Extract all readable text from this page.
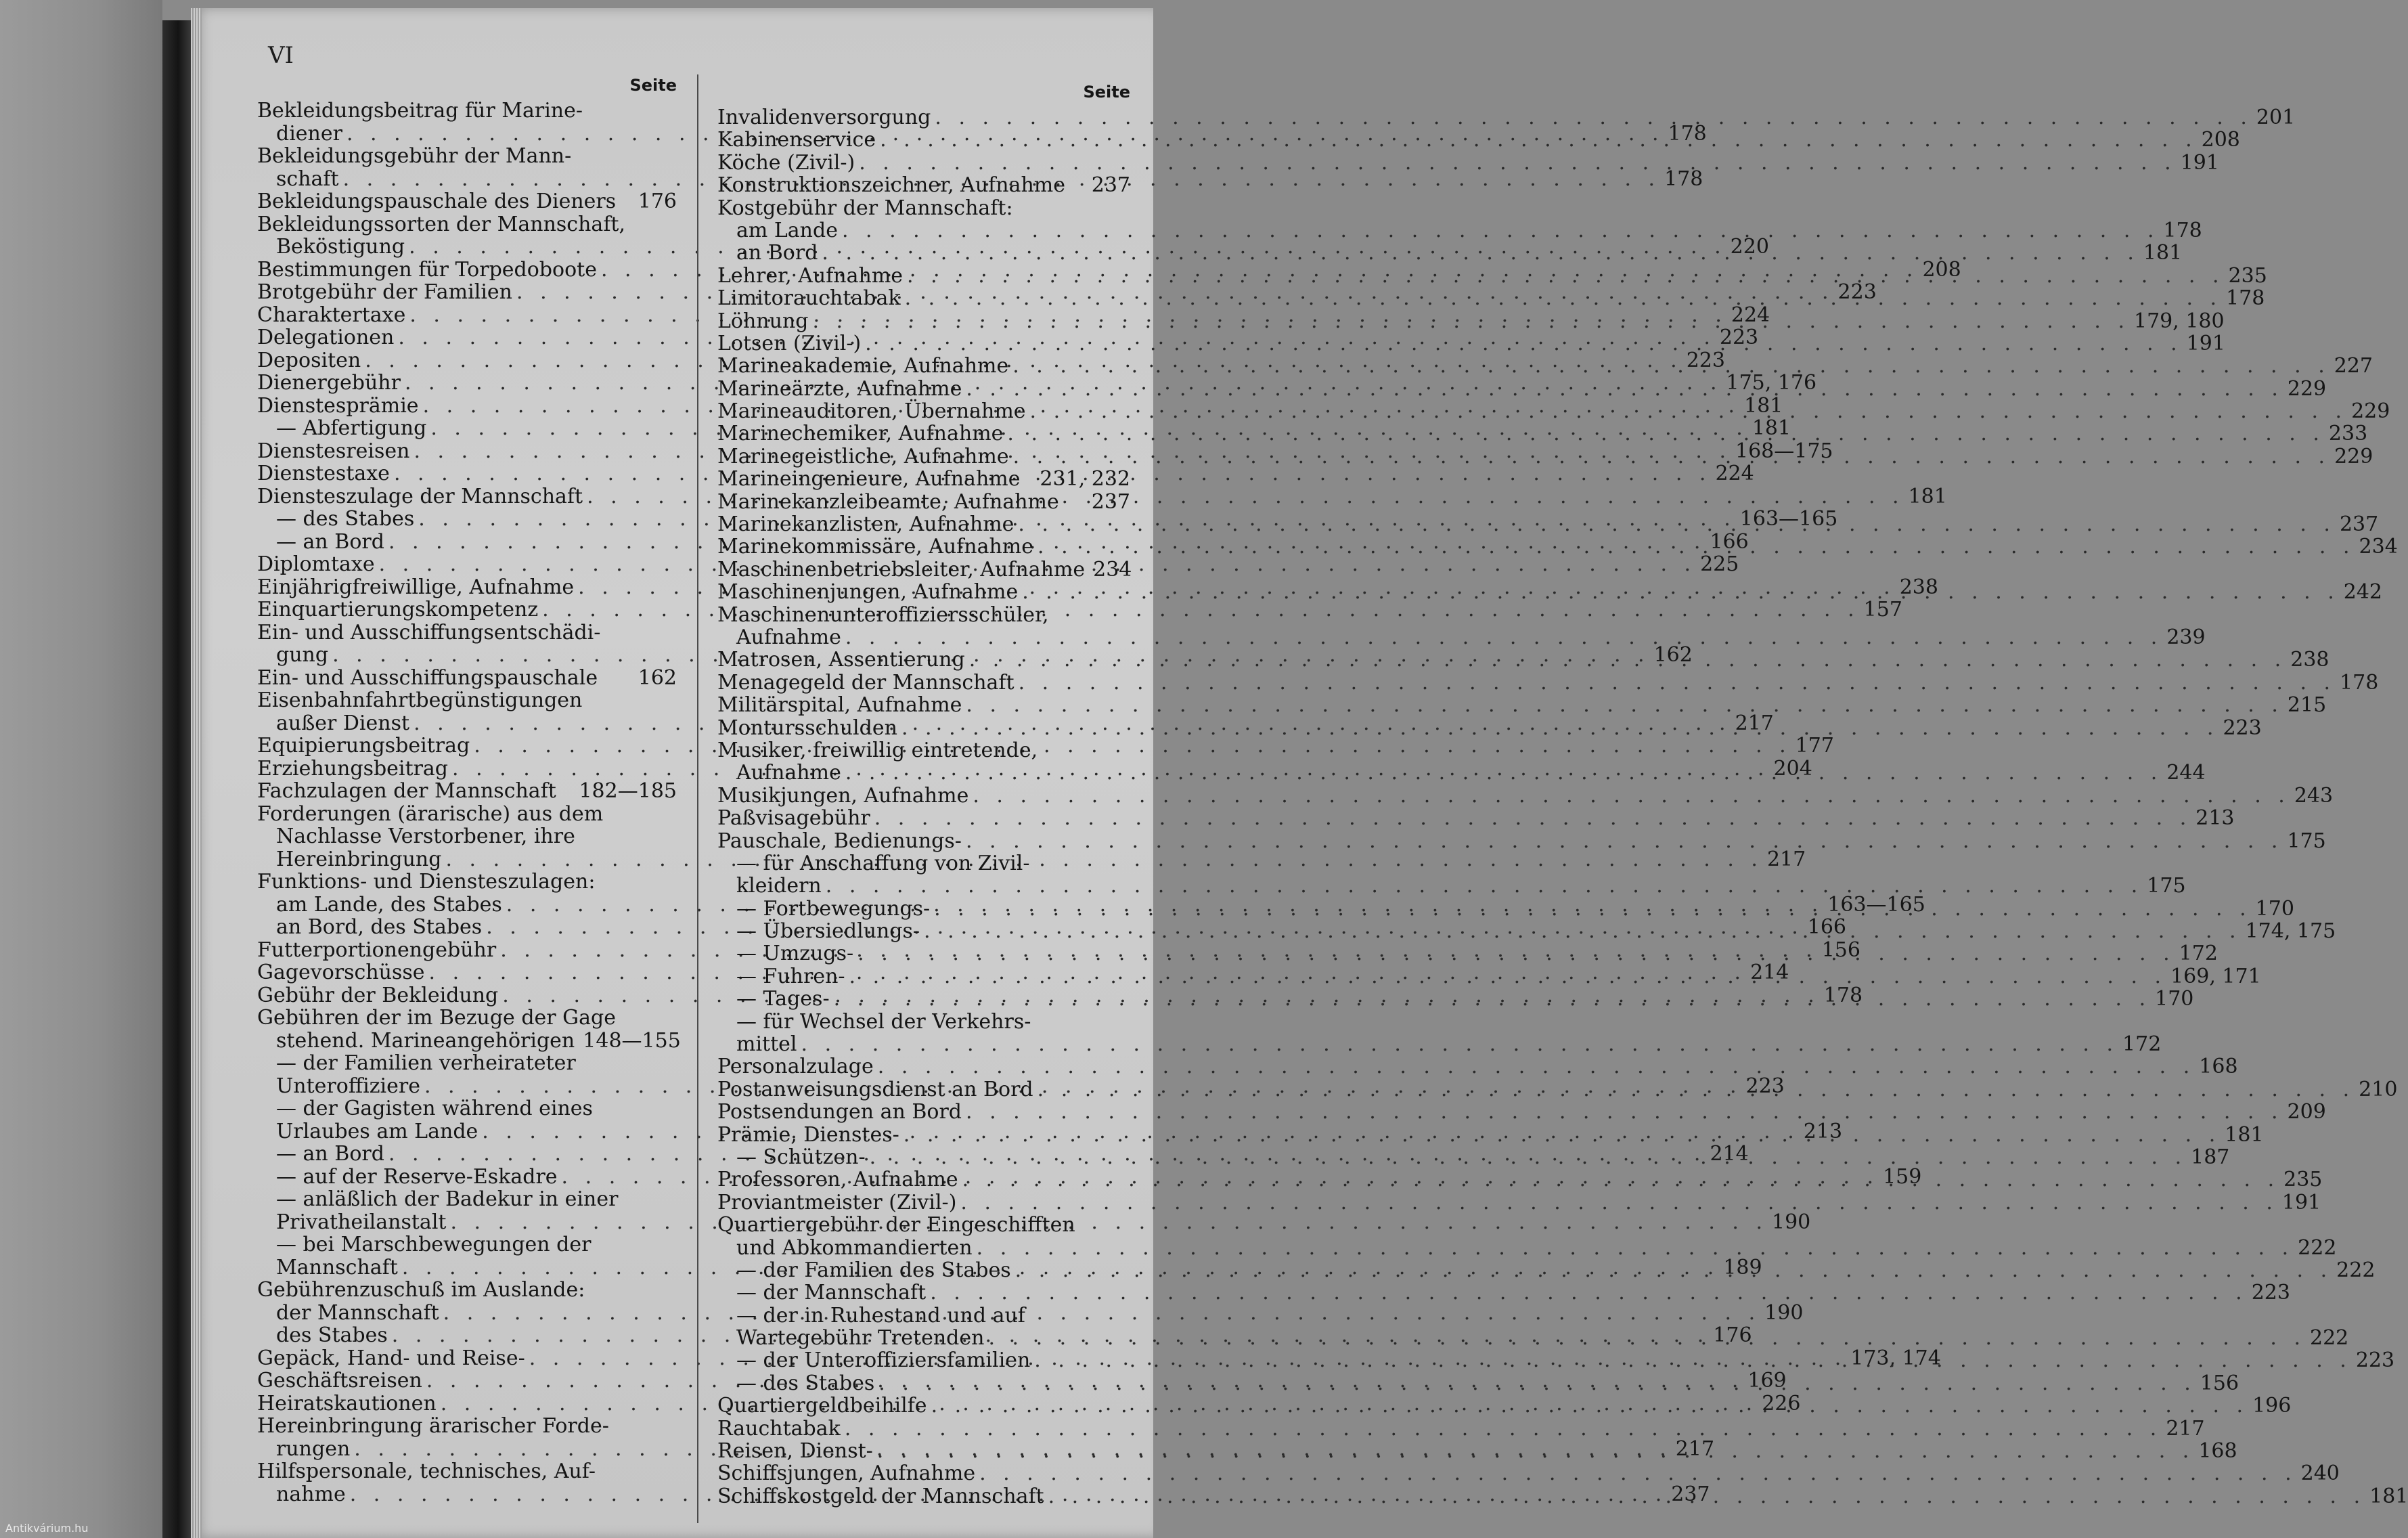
VI
Seite
Bekleidungsbeitrag für Marine-
diener . . .	178
Bekleidungsgebühr der Mann-
schaft . . .	178
Bekleidungspauschale des Dieners 176
Bekleidungssorten der Mannschaft,
Beköstigung . . .	220
Bestimmungen für Torpedoboote . . .	208
Brotgebühr der Familien . . .	223
Charaktertaxe . . .	224
Delegationen . . .	223
Depositen . . .	223
Dienergebühr . . .	175, 176
Dienstesprämie . . .	181
— Abfertigung . . .	181
Dienstesreisen . . .	168—175
Dienstestaxe . . .	224
Diensteszulage der Mannschaft . . .	181
— des Stabes . . .	163—165
— an Bord . . .	166
Diplomtaxe . . .	225
Einjährigfreiwillige, Aufnahme . . .	238
Einquartierungskompetenz . . .	157
Ein- und Ausschiffungsentschädi-
gung . . .	162
Ein- und Ausschiffungspauschale 162
Eisenbahnfahrtbegünstigungen
außer Dienst . . .	217
Equipierungsbeitrag . . .	177
Erziehungsbeitrag . . .	204
Fachzulagen der Mannschaft 182—185
Forderungen (ärarische) aus dem
Nachlasse Verstorbener, ihre
Hereinbringung . . .	217
Funktions- und Diensteszulagen:
am Lande, des Stabes . . .	163—165
an Bord, des Stabes . . .	166
Futterportionengebühr . . .	156
Gagevorschüsse . . .	214
Gebühr der Bekleidung . . .	178
Gebühren der im Bezuge der Gage
stehend. Marineangehörigen 148—155
— der Familien verheirateter
Unteroffiziere . . .	223
— der Gagisten während eines
Urlaubes am Lande . . .	213
— an Bord . . .	214
— auf der Reserve-Eskadre . . .	159
— anläßlich der Badekur in einer
Privatheilanstalt . . .	190
— bei Marschbewegungen der
Mannschaft . . .	189
Gebührenzuschuß im Auslande:
der Mannschaft . . .	190
des Stabes . . .	176
Gepäck, Hand- und Reise- . . .	173, 174
Geschäftsreisen . . .	169
Heiratskautionen . . .	226
Hereinbringung ärarischer Forde-
rungen . . .	217
Hilfspersonale, technisches, Auf-
nahme . . .	237
Seite
Invalidenversorgung . . .	201
Kabinenservice . . .	208
Köche (Zivil-) . . .	191
Konstruktionszeichner, Aufnahme 237
Kostgebühr der Mannschaft:
am Lande . . .	178
an Bord . . .	181
Lehrer, Aufnahme . . .	235
Limitorauchtabak . . .	178
Löhnung . . .	179, 180
Lotsen (Zivil-) . . .	191
Marineakademie, Aufnahme . . .	227
Marineärzte, Aufnahme . . .	229
Marineauditoren, Übernahme . . .	229
Marinechemiker, Aufnahme . . .	233
Marinegeistliche, Aufnahme . . .	229
Marineingenieure, Aufnahme 231, 232
Marinekanzleibeamte, Aufnahme 237
Marinekanzlisten, Aufnahme . . .	237
Marinekommissäre, Aufnahme . . .	234
Maschinenbetriebsleiter, Aufnahme 234
Maschinenjungen, Aufnahme . . .	242
Maschinenunteroffiziersschüler,
Aufnahme . . .	239
Matrosen, Assentierung . . .	238
Menagegeld der Mannschaft . . .	178
Militärspital, Aufnahme . . .	215
Montursschulden . . .	223
Musiker, freiwillig eintretende,
Aufnahme . . .	244
Musikjungen, Aufnahme . . .	243
Paßvisagebühr . . .	213
Pauschale, Bedienungs- . . .	175
— für Anschaffung von Zivil-
kleidern . . .	175
— Fortbewegungs- . . .	170
— Übersiedlungs- . . .	174, 175
— Umzugs- . . .	172
— Fuhren- . . .	169, 171
— Tages- . . .	170
— für Wechsel der Verkehrs-
mittel . . .	172
Personalzulage . . .	168
Postanweisungsdienst an Bord . . .	210
Postsendungen an Bord . . .	209
Prämie, Dienstes- . . .	181
— Schützen- . . .	187
Professoren, Aufnahme . . .	235
Proviantmeister (Zivil-) . . .	191
Quartiergebühr der Eingeschifften
und Abkommandierten . . .	222
— der Familien des Stabes . . .	222
— der Mannschaft . . .	223
— der in Ruhestand und auf
Wartegebühr Tretenden . . .	222
— der Unteroffiziersfamilien . . .	223
— des Stabes . . .	156
Quartiergeldbeihilfe . . .	196
Rauchtabak . . .	217
Reisen, Dienst- . . .	168
Schiffsjungen, Aufnahme . . .	240
Schiffskostgeld der Mannschaft . . .	181
Antikvárium.hu
